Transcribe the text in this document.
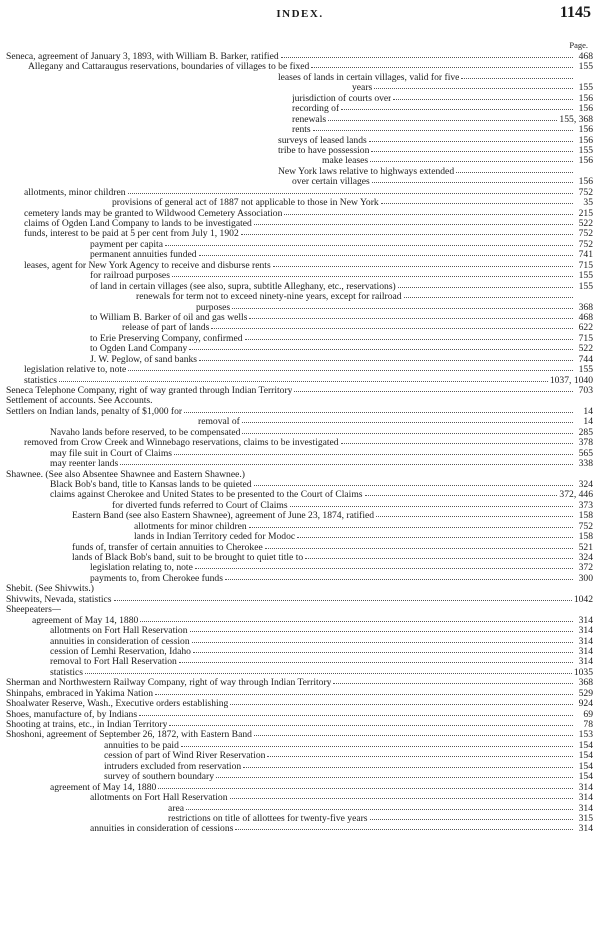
INDEX.	1145
Page.
Seneca, agreement of January 3, 1893, with William B. Barker, ratified	468
Allegany and Cattaraugus reservations, boundaries of villages to be fixed	155
leases of lands in certain villages, valid for five
years	155
jurisdiction of courts over	156
recording of	156
renewals	155, 368
rents	156
surveys of leased lands	156
tribe to have possession	155
make leases	156
New York laws relative to highways extended
over certain villages	156
allotments, minor children	752
provisions of general act of 1887 not applicable to those in New York	35
cemetery lands may be granted to Wildwood Cemetery Association	215
claims of Ogden Land Company to lands to be investigated	522
funds, interest to be paid at 5 per cent from July 1, 1902	752
payment per capita	752
permanent annuities funded	741
leases, agent for New York Agency to receive and disburse rents	715
for railroad purposes	155
of land in certain villages (see also, supra, subtitle Alleghany, etc., reservations)	155
renewals for term not to exceed ninety-nine years, except for railroad
purposes	368
to William B. Barker of oil and gas wells	468
release of part of lands	622
to Erie Preserving Company, confirmed	715
to Ogden Land Company	522
J. W. Peglow, of sand banks	744
legislation relative to, note	155
statistics	1037, 1040
Seneca Telephone Company, right of way granted through Indian Territory	703
Settlement of accounts. See Accounts.
Settlers on Indian lands, penalty of $1,000 for	14
removal of	14
Navaho lands before reserved, to be compensated	285
removed from Crow Creek and Winnebago reservations, claims to be investigated	378
may file suit in Court of Claims	565
may reenter lands	338
Shawnee. (See also Absentee Shawnee and Eastern Shawnee.)
Black Bob's band, title to Kansas lands to be quieted	324
claims against Cherokee and United States to be presented to the Court of Claims	372, 446
for diverted funds referred to Court of Claims	373
Eastern Band (see also Eastern Shawnee), agreement of June 23, 1874, ratified	158
allotments for minor children	752
lands in Indian Territory ceded for Modoc	158
funds of, transfer of certain annuities to Cherokee	521
lands of Black Bob's band, suit to be brought to quiet title to	324
legislation relating to, note	372
payments to, from Cherokee funds	300
Shebit. (See Shivwits.)
Shivwits, Nevada, statistics	1042
Sheepeaters—
agreement of May 14, 1880	314
allotments on Fort Hall Reservation	314
annuities in consideration of cession	314
cession of Lemhi Reservation, Idaho	314
removal to Fort Hall Reservation	314
statistics	1035
Sherman and Northwestern Railway Company, right of way through Indian Territory	368
Shinpahs, embraced in Yakima Nation	529
Shoalwater Reserve, Wash., Executive orders establishing	924
Shoes, manufacture of, by Indians	69
Shooting at trains, etc., in Indian Territory	78
Shoshoni, agreement of September 26, 1872, with Eastern Band	153
annuities to be paid	154
cession of part of Wind River Reservation	154
intruders excluded from reservation	154
survey of southern boundary	154
agreement of May 14, 1880	314
allotments on Fort Hall Reservation	314
area	314
restrictions on title of allottees for twenty-five years	315
annuities in consideration of cessions	314
